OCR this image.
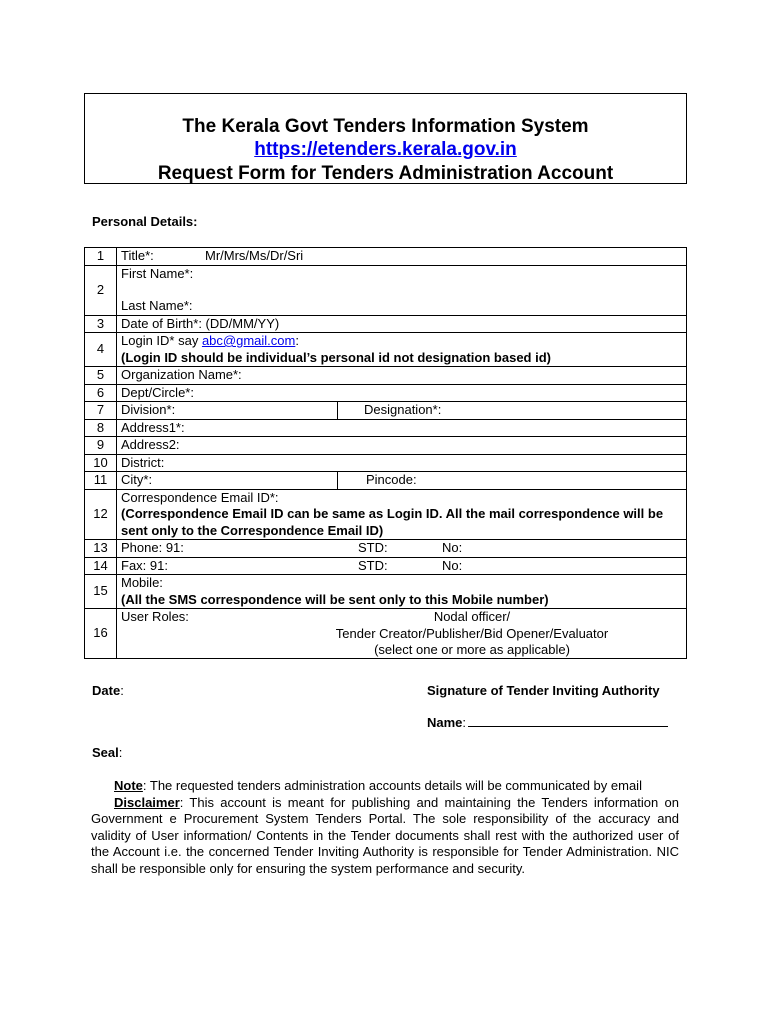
The Kerala Govt Tenders Information System
https://etenders.kerala.gov.in
Request Form for Tenders Administration Account
Personal Details:
1	Title*: Mr/Mrs/Ms/Dr/Sri	
2	First Name*:
Last Name*:	

3	Date of Birth*: (DD/MM/YY)	
4	Login ID* say abc@gmail.com:
(Login ID should be individual’s personal id not designation based id)	

5	Organization Name*:	
6	Dept/Circle*:	
7	Division*:	Designation*:
8	Address1*:	
9	Address2:	
10	District:	
11	City*:	Pincode:
12	Correspondence Email ID*:
(Correspondence Email ID can be same as Login ID. All the mail correspondence will be sent only to the Correspondence Email ID)	

13	Phone: 91: STD: No:	
14	Fax: 91: STD: No:	
15	Mobile:
(All the SMS correspondence will be sent only to this Mobile number)	

16	User Roles: Nodal officer/
Tender Creator/Publisher/Bid Opener/Evaluator
(select one or more as applicable)	
Date:	Signature of Tender Inviting Authority
Name:
Seal:

Note: The requested tenders administration accounts details will be communicated by email

Disclaimer: This account is meant for publishing and maintaining the Tenders information on Government e Procurement System Tenders Portal. The sole responsibility of the accuracy and validity of User information/ Contents in the Tender documents shall rest with the authorized user of the Account i.e. the concerned Tender Inviting Authority is responsible for Tender Administration. NIC shall be responsible only for ensuring the system performance and security.
